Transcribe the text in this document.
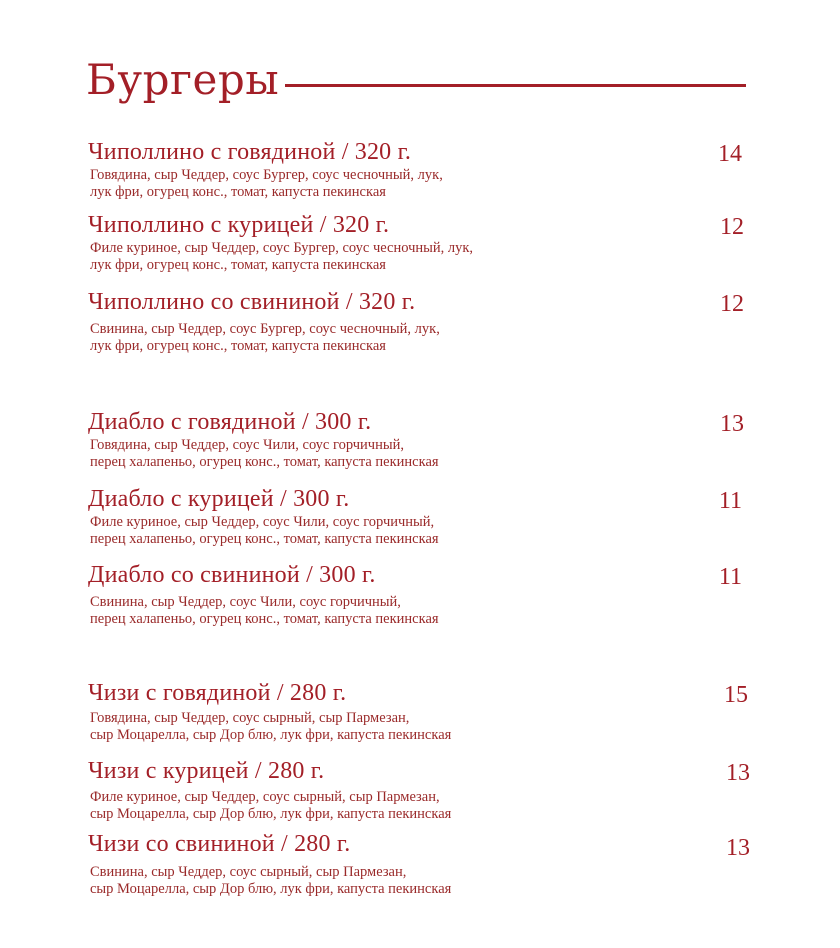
Бургеры
Чиполлино с говядиной / 320 г.
Говядина, сыр Чеддер, соус Бургер, соус чесночный, лук,
лук фри, огурец конс., томат, капуста пекинская
14
Чиполлино с курицей / 320 г.
Филе куриное, сыр Чеддер, соус Бургер, соус чесночный, лук,
лук фри, огурец конс., томат, капуста пекинская
12
Чиполлино со свининой / 320 г.
Свинина, сыр Чеддер, соус Бургер, соус чесночный, лук,
лук фри, огурец конс., томат, капуста пекинская
12
Диабло с говядиной / 300 г.
Говядина, сыр Чеддер, соус Чили, соус горчичный,
перец халапеньо, огурец конс., томат, капуста пекинская
13
Диабло с курицей / 300 г.
Филе куриное, сыр Чеддер, соус Чили, соус горчичный,
перец халапеньо, огурец конс., томат, капуста пекинская
11
Диабло со свининой / 300 г.
Свинина, сыр Чеддер, соус Чили, соус горчичный,
перец халапеньо, огурец конс., томат, капуста пекинская
11
Чизи с говядиной / 280 г.
Говядина, сыр Чеддер, соус сырный, сыр Пармезан,
сыр Моцарелла, сыр Дор блю, лук фри, капуста пекинская
15
Чизи с курицей / 280 г.
Филе куриное, сыр Чеддер, соус сырный, сыр Пармезан,
сыр Моцарелла, сыр Дор блю, лук фри, капуста пекинская
13
Чизи со свининой / 280 г.
Свинина, сыр Чеддер, соус сырный, сыр Пармезан,
сыр Моцарелла, сыр Дор блю, лук фри, капуста пекинская
13
